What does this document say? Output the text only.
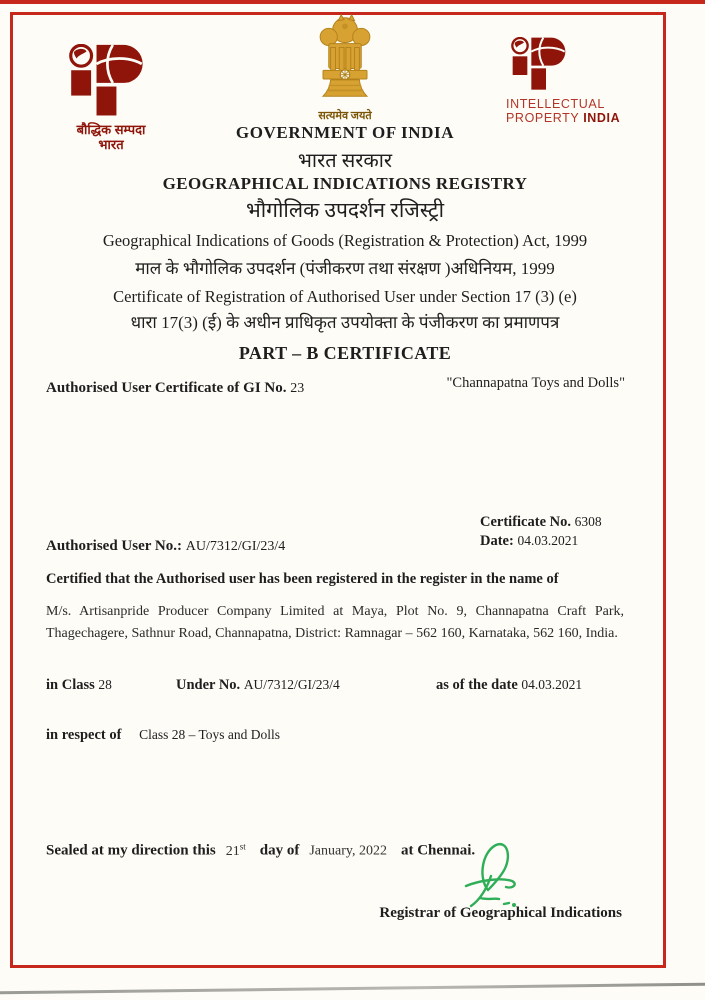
बौद्धिक सम्पदा
भारत
सत्यमेव जयते
INTELLECTUAL
PROPERTY INDIA
GOVERNMENT OF INDIA
भारत सरकार
GEOGRAPHICAL INDICATIONS REGISTRY
भौगोलिक उपदर्शन रजिस्ट्री
Geographical Indications of Goods (Registration & Protection) Act, 1999
माल के भौगोलिक उपदर्शन (पंजीकरण तथा संरक्षण )अधिनियम, 1999
Certificate of Registration of Authorised User under Section 17 (3) (e)
धारा 17(3) (ई) के अधीन प्राधिकृत उपयोक्ता के पंजीकरण का प्रमाणपत्र
PART – B CERTIFICATE
Authorised User Certificate of GI No. 23	"Channapatna Toys and Dolls"
Certificate No. 6308
Date: 04.03.2021
Authorised User No.: AU/7312/GI/23/4
Certified that the Authorised user has been registered in the register in the name of
M/s. Artisanpride Producer Company Limited at Maya, Plot No. 9, Channapatna Craft Park, Thagechagere, Sathnur Road, Channapatna, District: Ramnagar – 562 160, Karnataka, 562 160, India.
in Class 28	Under No. AU/7312/GI/23/4	as of the date 04.03.2021
in respect of Class 28 – Toys and Dolls
Sealed at my direction this 21st day of January, 2022 at Chennai.
Registrar of Geographical Indications
